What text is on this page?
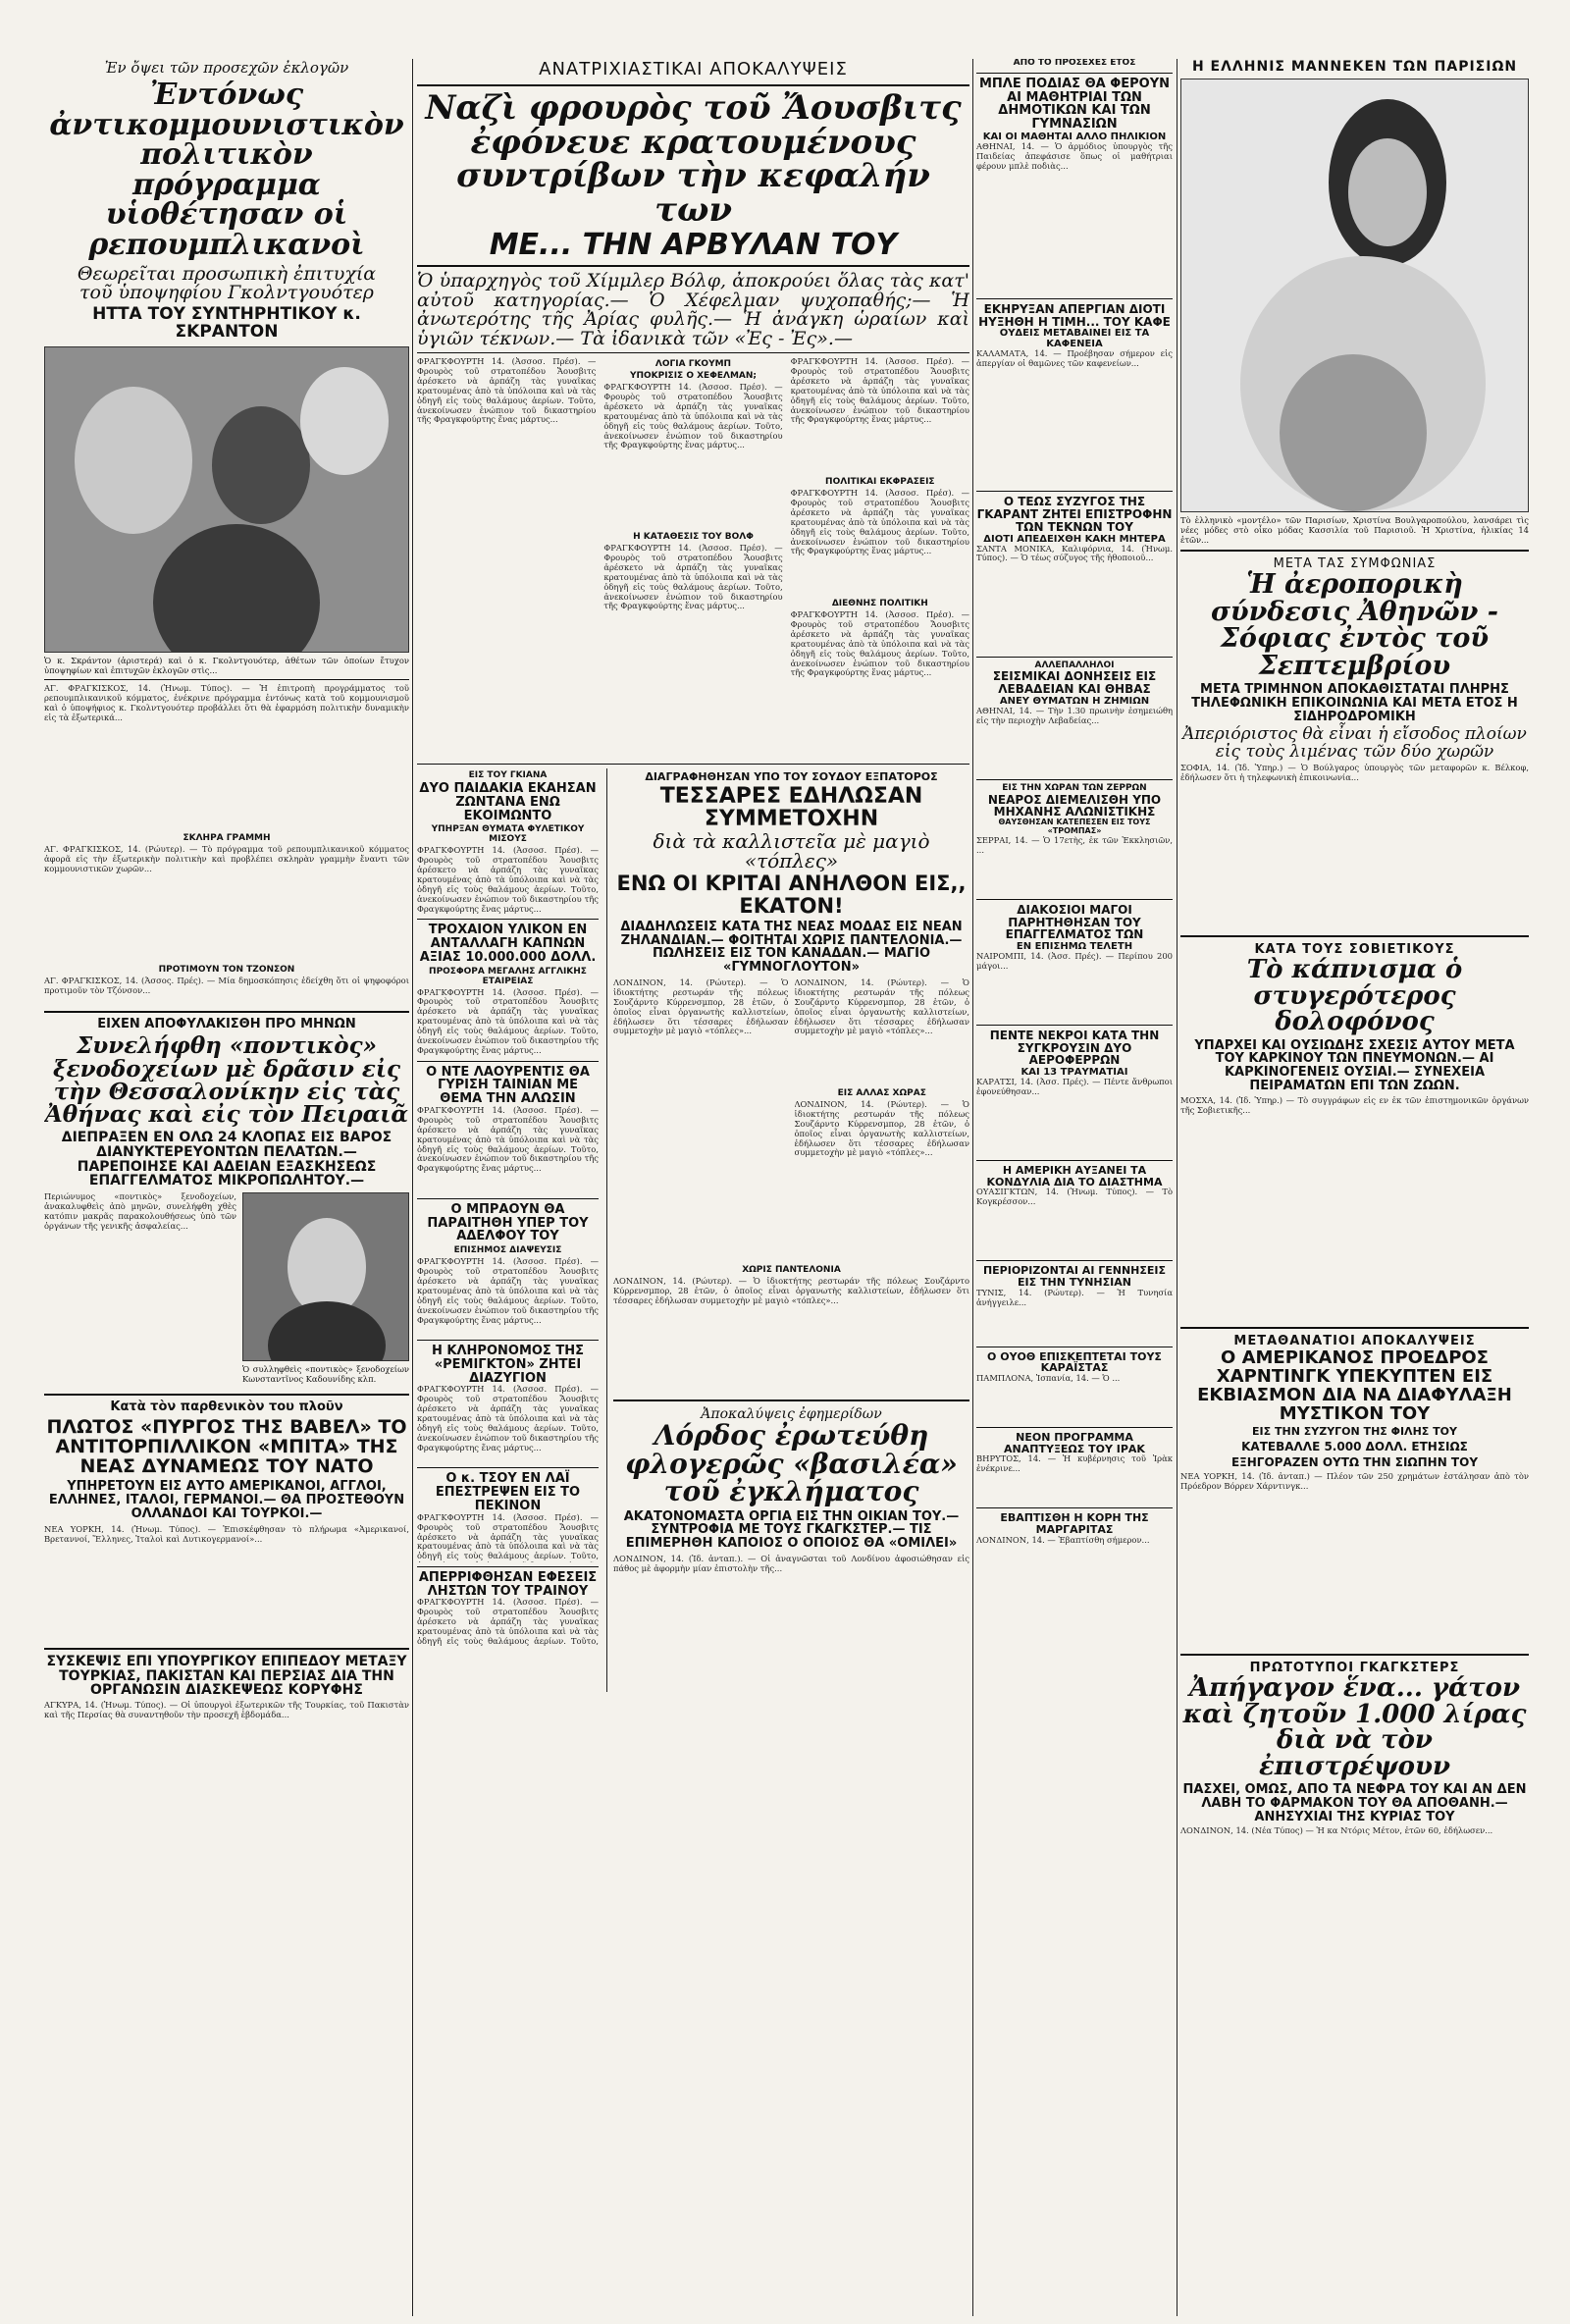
Ἐν ὄψει τῶν προσεχῶν ἐκλογῶν

Ἐντόνως ἀντικομμουνιστικὸν πολιτικὸν πρόγραμμα υἱοθέτησαν οἱ ρεπουμπλικανοὶ

Θεωρεῖται προσωπικὴ ἐπιτυχία

τοῦ ὑποψηφίου Γκολντγουότερ

ΗΤΤΑ ΤΟΥ ΣΥΝΤΗΡΗΤΙΚΟΥ κ. ΣΚΡΑΝΤΟΝ

Ὁ κ. Σκράντον (ἀριστερά) καὶ ὁ κ. Γκολντγουότερ, ἀθέτων τῶν ὁποίων ἔτυχον ὑποψηφίων καὶ ἐπιτυχῶν ἐκλογῶν στὶς...

ΑΓ. ΦΡΑΓΚΙΣΚΟΣ, 14. (Ἡνωμ. Τύπος). — Ἡ ἐπιτροπὴ προγράμματος τοῦ ρεπουμπλικανικοῦ κόμματος, ἐνέκρινε πρόγραμμα ἐντόνως κατὰ τοῦ κομμουνισμοῦ καὶ ὁ ὑποψήφιος κ. Γκολντγουότερ προβάλλει ὅτι θὰ ἐφαρμόση πολιτικὴν δυναμικὴν εἰς τὰ ἐξωτερικά...

ΣΚΛΗΡΑ ΓΡΑΜΜΗ

ΑΓ. ΦΡΑΓΚΙΣΚΟΣ, 14. (Ρώυτερ). — Τὸ πρόγραμμα τοῦ ρεπουμπλικανικοῦ κόμματος ἀφορᾶ εἰς τὴν ἐξωτερικὴν πολιτικὴν καὶ προβλέπει σκληρὰν γραμμὴν ἔναντι τῶν κομμουνιστικῶν χωρῶν...

ΠΡΟΤΙΜΟΥΝ ΤΟΝ ΤΖΟΝΣΟΝ

ΑΓ. ΦΡΑΓΚΙΣΚΟΣ, 14. (Ἀσσος. Πρές). — Μία δημοσκόπησις ἐδείχθη ὅτι οἱ ψηφοφόροι προτιμοῦν τὸν Τζόνσον...

ΕΙΧΕΝ ΑΠΟΦΥΛΑΚΙΣΘΗ ΠΡΟ ΜΗΝΩΝ

Συνελήφθη «ποντικὸς» ξενοδοχείων μὲ δρᾶσιν εἰς τὴν Θεσσαλονίκην εἰς τὰς Ἀθήνας καὶ εἰς τὸν Πειραιᾶ

ΔΙΕΠΡΑΞΕΝ ΕΝ ΟΛΩ 24 ΚΛΟΠΑΣ ΕΙΣ ΒΑΡΟΣ ΔΙΑΝΥΚΤΕΡΕΥΟΝΤΩΝ ΠΕΛΑΤΩΝ.— ΠΑΡΕΠΟΙΗΣΕ ΚΑΙ ΑΔΕΙΑΝ ΕΞΑΣΚΗΣΕΩΣ ΕΠΑΓΓΕΛΜΑΤΟΣ ΜΙΚΡΟΠΩΛΗΤΟΥ.—

Περιώνυμος «ποντικὸς» ξενοδοχείων, ἀνακαλυφθεὶς ἀπὸ μηνῶν, συνελήφθη χθὲς κατόπιν μακρᾶς παρακολουθήσεως ὑπὸ τῶν ὀργάνων τῆς γενικῆς ἀσφαλείας...

Ὁ συλληφθεὶς «ποντικὸς» ξενοδοχείων Κωνσταντῖνος Καδουνίδης κλπ.

Κατὰ τὸν παρθενικὸν του πλοῦν

ΠΛΩΤΟΣ «ΠΥΡΓΟΣ ΤΗΣ ΒΑΒΕΛ» ΤΟ ΑΝΤΙΤΟΡΠΙΛΛΙΚΟΝ «ΜΠΙΤΑ» ΤΗΣ ΝΕΑΣ ΔΥΝΑΜΕΩΣ ΤΟΥ ΝΑΤΟ

ΥΠΗΡΕΤΟΥΝ ΕΙΣ ΑΥΤΟ ΑΜΕΡΙΚΑΝΟΙ, ΑΓΓΛΟΙ, ΕΛΛΗΝΕΣ, ΙΤΑΛΟΙ, ΓΕΡΜΑΝΟΙ.— ΘΑ ΠΡΟΣΤΕΘΟΥΝ ΟΛΛΑΝΔΟΙ ΚΑΙ ΤΟΥΡΚΟΙ.—

ΝΕΑ ΥΟΡΚΗ, 14. (Ἡνωμ. Τύπος). — Ἐπισκέφθησαν τὸ πλήρωμα «Ἀμερικανοί, Βρεταννοί, Ἕλληνες, Ἰταλοὶ καὶ Δυτικογερμανοί»...

ΣΥΣΚΕΨΙΣ ΕΠΙ ΥΠΟΥΡΓΙΚΟΥ ΕΠΙΠΕΔΟΥ ΜΕΤΑΞΥ ΤΟΥΡΚΙΑΣ, ΠΑΚΙΣΤΑΝ ΚΑΙ ΠΕΡΣΙΑΣ ΔΙΑ ΤΗΝ ΟΡΓΑΝΩΣΙΝ ΔΙΑΣΚΕΨΕΩΣ ΚΟΡΥΦΗΣ

ΑΓΚΥΡΑ, 14. (Ἡνωμ. Τύπος). — Οἱ ὑπουργοὶ ἐξωτερικῶν τῆς Τουρκίας, τοῦ Πακιστὰν καὶ τῆς Περσίας θὰ συναντηθοῦν τὴν προσεχῆ ἑβδομάδα...

ΑΝΑΤΡΙΧΙΑΣΤΙΚΑΙ ΑΠΟΚΑΛΥΨΕΙΣ

Ναζὶ φρουρὸς τοῦ Ἄουσβιτς ἐφόνευε κρατουμένους συντρίβων τὴν κεφαλήν των

ΜΕ... ΤΗΝ ΑΡΒΥΛΑΝ ΤΟΥ

Ὁ ὑπαρχηγὸς τοῦ Χίμμλερ Βόλφ, ἀποκρούει ὅλας τὰς κατ' αὐτοῦ κατηγορίας.— Ὁ Χέφελμαν ψυχοπαθής;— Ἡ ἀνωτερότης τῆς Ἀρίας φυλῆς.— Ἡ ἀνάγκη ὡραίων καὶ ὑγιῶν τέκνων.— Τὰ ἰδανικὰ τῶν «Ἐς - Ἐς».—

ΦΡΑΓΚΦΟΥΡΤΗ 14. (Ἀσσοσ. Πρέσ). — Φρουρὸς τοῦ στρατοπέδου Ἄουσβιτς ἀρέσκετο νὰ ἀρπάζη τὰς γυναῖκας κρατουμένας ἀπὸ τὰ ὑπόλοιπα καὶ νὰ τὰς ὁδηγῆ εἰς τοὺς θαλάμους ἀερίων. Τοῦτο, ἀνεκοίνωσεν ἐνώπιον τοῦ δικαστηρίου τῆς Φραγκφούρτης ἕνας μάρτυς...

ΛΟΓΙΑ ΓΚΟΥΜΠ

ΥΠΟΚΡΙΣΙΣ Ο ΧΕΦΕΛΜΑΝ;

ΦΡΑΓΚΦΟΥΡΤΗ 14. (Ἀσσοσ. Πρέσ). — Φρουρὸς τοῦ στρατοπέδου Ἄουσβιτς ἀρέσκετο νὰ ἀρπάζη τὰς γυναῖκας κρατουμένας ἀπὸ τὰ ὑπόλοιπα καὶ νὰ τὰς ὁδηγῆ εἰς τοὺς θαλάμους ἀερίων. Τοῦτο, ἀνεκοίνωσεν ἐνώπιον τοῦ δικαστηρίου τῆς Φραγκφούρτης ἕνας μάρτυς...

Η ΚΑΤΑΘΕΣΙΣ ΤΟΥ ΒΟΛΦ

ΦΡΑΓΚΦΟΥΡΤΗ 14. (Ἀσσοσ. Πρέσ). — Φρουρὸς τοῦ στρατοπέδου Ἄουσβιτς ἀρέσκετο νὰ ἀρπάζη τὰς γυναῖκας κρατουμένας ἀπὸ τὰ ὑπόλοιπα καὶ νὰ τὰς ὁδηγῆ εἰς τοὺς θαλάμους ἀερίων. Τοῦτο, ἀνεκοίνωσεν ἐνώπιον τοῦ δικαστηρίου τῆς Φραγκφούρτης ἕνας μάρτυς...

ΦΡΑΓΚΦΟΥΡΤΗ 14. (Ἀσσοσ. Πρέσ). — Φρουρὸς τοῦ στρατοπέδου Ἄουσβιτς ἀρέσκετο νὰ ἀρπάζη τὰς γυναῖκας κρατουμένας ἀπὸ τὰ ὑπόλοιπα καὶ νὰ τὰς ὁδηγῆ εἰς τοὺς θαλάμους ἀερίων. Τοῦτο, ἀνεκοίνωσεν ἐνώπιον τοῦ δικαστηρίου τῆς Φραγκφούρτης ἕνας μάρτυς...

ΠΟΛΙΤΙΚΑΙ ΕΚΦΡΑΣΕΙΣ

ΦΡΑΓΚΦΟΥΡΤΗ 14. (Ἀσσοσ. Πρέσ). — Φρουρὸς τοῦ στρατοπέδου Ἄουσβιτς ἀρέσκετο νὰ ἀρπάζη τὰς γυναῖκας κρατουμένας ἀπὸ τὰ ὑπόλοιπα καὶ νὰ τὰς ὁδηγῆ εἰς τοὺς θαλάμους ἀερίων. Τοῦτο, ἀνεκοίνωσεν ἐνώπιον τοῦ δικαστηρίου τῆς Φραγκφούρτης ἕνας μάρτυς...

ΔΙΕΘΝΗΣ ΠΟΛΙΤΙΚΗ

ΦΡΑΓΚΦΟΥΡΤΗ 14. (Ἀσσοσ. Πρέσ). — Φρουρὸς τοῦ στρατοπέδου Ἄουσβιτς ἀρέσκετο νὰ ἀρπάζη τὰς γυναῖκας κρατουμένας ἀπὸ τὰ ὑπόλοιπα καὶ νὰ τὰς ὁδηγῆ εἰς τοὺς θαλάμους ἀερίων. Τοῦτο, ἀνεκοίνωσεν ἐνώπιον τοῦ δικαστηρίου τῆς Φραγκφούρτης ἕνας μάρτυς...

ΕΙΣ ΤΟΥ ΓΚΙΑΝΑ

ΔΥΟ ΠΑΙΔΑΚΙΑ ΕΚΑΗΣΑΝ ΖΩΝΤΑΝΑ ΕΝΩ ΕΚΟΙΜΩΝΤΟ

ΥΠΗΡΞΑΝ ΘΥΜΑΤΑ ΦΥΛΕΤΙΚΟΥ ΜΙΣΟΥΣ

ΦΡΑΓΚΦΟΥΡΤΗ 14. (Ἀσσοσ. Πρέσ). — Φρουρὸς τοῦ στρατοπέδου Ἄουσβιτς ἀρέσκετο νὰ ἀρπάζη τὰς γυναῖκας κρατουμένας ἀπὸ τὰ ὑπόλοιπα καὶ νὰ τὰς ὁδηγῆ εἰς τοὺς θαλάμους ἀερίων. Τοῦτο, ἀνεκοίνωσεν ἐνώπιον τοῦ δικαστηρίου τῆς Φραγκφούρτης ἕνας μάρτυς...

ΤΡΟΧΑΙΟΝ ΥΛΙΚΟΝ ΕΝ ΑΝΤΑΛΛΑΓΗ ΚΑΠΝΩΝ ΑΞΙΑΣ 10.000.000 ΔΟΛΛ.

ΠΡΟΣΦΟΡΑ ΜΕΓΑΛΗΣ ΑΓΓΛΙΚΗΣ ΕΤΑΙΡΕΙΑΣ

ΦΡΑΓΚΦΟΥΡΤΗ 14. (Ἀσσοσ. Πρέσ). — Φρουρὸς τοῦ στρατοπέδου Ἄουσβιτς ἀρέσκετο νὰ ἀρπάζη τὰς γυναῖκας κρατουμένας ἀπὸ τὰ ὑπόλοιπα καὶ νὰ τὰς ὁδηγῆ εἰς τοὺς θαλάμους ἀερίων. Τοῦτο, ἀνεκοίνωσεν ἐνώπιον τοῦ δικαστηρίου τῆς Φραγκφούρτης ἕνας μάρτυς...

Ο ΝΤΕ ΛΑΟΥΡΕΝΤΙΣ ΘΑ ΓΥΡΙΣΗ ΤΑΙΝΙΑΝ ΜΕ ΘΕΜΑ ΤΗΝ ΑΛΩΣΙΝ

ΦΡΑΓΚΦΟΥΡΤΗ 14. (Ἀσσοσ. Πρέσ). — Φρουρὸς τοῦ στρατοπέδου Ἄουσβιτς ἀρέσκετο νὰ ἀρπάζη τὰς γυναῖκας κρατουμένας ἀπὸ τὰ ὑπόλοιπα καὶ νὰ τὰς ὁδηγῆ εἰς τοὺς θαλάμους ἀερίων. Τοῦτο, ἀνεκοίνωσεν ἐνώπιον τοῦ δικαστηρίου τῆς Φραγκφούρτης ἕνας μάρτυς...

Ο ΜΠΡΑΟΥΝ ΘΑ ΠΑΡΑΙΤΗΘΗ ΥΠΕΡ ΤΟΥ ΑΔΕΛΦΟΥ ΤΟΥ

ΕΠΙΣΗΜΟΣ ΔΙΑΨΕΥΣΙΣ

ΦΡΑΓΚΦΟΥΡΤΗ 14. (Ἀσσοσ. Πρέσ). — Φρουρὸς τοῦ στρατοπέδου Ἄουσβιτς ἀρέσκετο νὰ ἀρπάζη τὰς γυναῖκας κρατουμένας ἀπὸ τὰ ὑπόλοιπα καὶ νὰ τὰς ὁδηγῆ εἰς τοὺς θαλάμους ἀερίων. Τοῦτο, ἀνεκοίνωσεν ἐνώπιον τοῦ δικαστηρίου τῆς Φραγκφούρτης ἕνας μάρτυς...

Η ΚΛΗΡΟΝΟΜΟΣ ΤΗΣ «ΡΕΜΙΓΚΤΟΝ» ΖΗΤΕΙ ΔΙΑΖΥΓΙΟΝ

ΦΡΑΓΚΦΟΥΡΤΗ 14. (Ἀσσοσ. Πρέσ). — Φρουρὸς τοῦ στρατοπέδου Ἄουσβιτς ἀρέσκετο νὰ ἀρπάζη τὰς γυναῖκας κρατουμένας ἀπὸ τὰ ὑπόλοιπα καὶ νὰ τὰς ὁδηγῆ εἰς τοὺς θαλάμους ἀερίων. Τοῦτο, ἀνεκοίνωσεν ἐνώπιον τοῦ δικαστηρίου τῆς Φραγκφούρτης ἕνας μάρτυς...

Ο κ. ΤΣΟΥ ΕΝ ΛΑΪ ΕΠΕΣΤΡΕΨΕΝ ΕΙΣ ΤΟ ΠΕΚΙΝΟΝ

ΦΡΑΓΚΦΟΥΡΤΗ 14. (Ἀσσοσ. Πρέσ). — Φρουρὸς τοῦ στρατοπέδου Ἄουσβιτς ἀρέσκετο νὰ ἀρπάζη τὰς γυναῖκας κρατουμένας ἀπὸ τὰ ὑπόλοιπα καὶ νὰ τὰς ὁδηγῆ εἰς τοὺς θαλάμους ἀερίων. Τοῦτο,

ΑΠΕΡΡΙΦΘΗΣΑΝ ΕΦΕΣΕΙΣ ΛΗΣΤΩΝ ΤΟΥ ΤΡΑΙΝΟΥ

ΦΡΑΓΚΦΟΥΡΤΗ 14. (Ἀσσοσ. Πρέσ). — Φρουρὸς τοῦ στρατοπέδου Ἄουσβιτς ἀρέσκετο νὰ ἀρπάζη τὰς γυναῖκας κρατουμένας ἀπὸ τὰ ὑπόλοιπα καὶ νὰ τὰς ὁδηγῆ εἰς τοὺς θαλάμους ἀερίων. Τοῦτο,

ΔΙΑΓΡΑΦΗΘΗΣΑΝ ΥΠΟ ΤΟΥ ΣΟΥΔΟΥ ΕΞΠΑΤΟΡΟΣ

ΤΕΣΣΑΡΕΣ ΕΔΗΛΩΣΑΝ ΣΥΜΜΕΤΟΧΗΝ

διὰ τὰ καλλιστεῖα μὲ μαγιὸ «τόπλες»

ΕΝΩ ΟΙ ΚΡΙΤΑΙ ΑΝΗΛΘΟΝ ΕΙΣ,, ΕΚΑΤΟΝ!

ΔΙΑΔΗΛΩΣΕΙΣ ΚΑΤΑ ΤΗΣ ΝΕΑΣ ΜΟΔΑΣ ΕΙΣ ΝΕΑΝ ΖΗΛΑΝΔΙΑΝ.— ΦΟΙΤΗΤΑΙ ΧΩΡΙΣ ΠΑΝΤΕΛΟΝΙΑ.— ΠΩΛΗΣΕΙΣ ΕΙΣ ΤΟΝ ΚΑΝΑΔΑΝ.— ΜΑΓΙΟ «ΓΥΜΝΟΓΛΟΥΤΟΝ»

ΛΟΝΔΙΝΟΝ, 14. (Ρώυτερ). — Ὁ ἰδιοκτήτης ρεστωράν τῆς πόλεως Σουζάρντο Κύρρενσμπορ, 28 ἐτῶν, ὁ ὁποῖος εἶναι ὀργανωτὴς καλλιστείων, ἐδήλωσεν ὅτι τέσσαρες ἐδήλωσαν συμμετοχὴν μὲ μαγιὸ «τόπλες»...

ΛΟΝΔΙΝΟΝ, 14. (Ρώυτερ). — Ὁ ἰδιοκτήτης ρεστωράν τῆς πόλεως Σουζάρντο Κύρρενσμπορ, 28 ἐτῶν, ὁ ὁποῖος εἶναι ὀργανωτὴς καλλιστείων, ἐδήλωσεν ὅτι τέσσαρες ἐδήλωσαν συμμετοχὴν μὲ μαγιὸ «τόπλες»...

ΕΙΣ ΑΛΛΑΣ ΧΩΡΑΣ

ΛΟΝΔΙΝΟΝ, 14. (Ρώυτερ). — Ὁ ἰδιοκτήτης ρεστωράν τῆς πόλεως Σουζάρντο Κύρρενσμπορ, 28 ἐτῶν, ὁ ὁποῖος εἶναι ὀργανωτὴς καλλιστείων, ἐδήλωσεν ὅτι τέσσαρες ἐδήλωσαν συμμετοχὴν μὲ μαγιὸ «τόπλες»...

ΧΩΡΙΣ ΠΑΝΤΕΛΟΝΙΑ

ΛΟΝΔΙΝΟΝ, 14. (Ρώυτερ). — Ὁ ἰδιοκτήτης ρεστωράν τῆς πόλεως Σουζάρντο Κύρρενσμπορ, 28 ἐτῶν, ὁ ὁποῖος εἶναι ὀργανωτὴς καλλιστείων, ἐδήλωσεν ὅτι τέσσαρες ἐδήλωσαν συμμετοχὴν μὲ μαγιὸ «τόπλες»...

Ἀποκαλύψεις ἐφημερίδων

Λόρδος ἐρωτεύθη φλογερῶς «βασιλέα» τοῦ ἐγκλήματος

ΑΚΑΤΟΝΟΜΑΣΤΑ ΟΡΓΙΑ ΕΙΣ ΤΗΝ ΟΙΚΙΑΝ ΤΟΥ.— ΣΥΝΤΡΟΦΙΑ ΜΕ ΤΟΥΣ ΓΚΑΓΚΣΤΕΡ.— ΤΙΣ ΕΠΙΜΕΡΗΘΗ ΚΑΠΟΙΟΣ Ο ΟΠΟΙΟΣ ΘΑ «ΟΜΙΛΕΙ»

ΛΟΝΔΙΝΟΝ, 14. (Ἰδ. ἀνταπ.). — Οἱ ἀναγνῶσται τοῦ Λονδίνου ἀφοσιώθησαν εἰς πάθος μὲ ἀφορμὴν μίαν ἐπιστολὴν τῆς...

ΑΠΟ ΤΟ ΠΡΟΣΕΧΕΣ ΕΤΟΣ

ΜΠΛΕ ΠΟΔΙΑΣ ΘΑ ΦΕΡΟΥΝ ΑΙ ΜΑΘΗΤΡΙΑΙ ΤΩΝ ΔΗΜΟΤΙΚΩΝ ΚΑΙ ΤΩΝ ΓΥΜΝΑΣΙΩΝ

ΚΑΙ ΟΙ ΜΑΘΗΤΑΙ ΑΛΛΟ ΠΗΛΙΚΙΟΝ

ΑΘΗΝΑΙ, 14. — Ὁ ἀρμόδιος ὑπουργὸς τῆς Παιδείας ἀπεφάσισε ὅπως οἱ μαθήτριαι φέρουν μπλὲ ποδιὰς...

ΕΚΗΡΥΞΑΝ ΑΠΕΡΓΙΑΝ ΔΙΟΤΙ ΗΥΞΗΘΗ Η ΤΙΜΗ... ΤΟΥ ΚΑΦΕ

ΟΥΔΕΙΣ ΜΕΤΑΒΑΙΝΕΙ ΕΙΣ ΤΑ ΚΑΦΕΝΕΙΑ

ΚΑΛΑΜΑΤΑ, 14. — Προέβησαν σήμερον εἰς ἀπεργίαν οἱ θαμῶνες τῶν καφενείων...

Ο ΤΕΩΣ ΣΥΖΥΓΟΣ ΤΗΣ ΓΚΑΡΑΝΤ ΖΗΤΕΙ ΕΠΙΣΤΡΟΦΗΝ ΤΩΝ ΤΕΚΝΩΝ ΤΟΥ

ΔΙΟΤΙ ΑΠΕΔΕΙΧΘΗ ΚΑΚΗ ΜΗΤΕΡΑ

ΣΑΝΤΑ ΜΟΝΙΚΑ, Καλιφόρνια, 14. (Ἡνωμ. Τύπος). — Ὁ τέως σύζυγος τῆς ἠθοποιοῦ...

ΑΛΛΕΠΑΛΛΗΛΟΙ

ΣΕΙΣΜΙΚΑΙ ΔΟΝΗΣΕΙΣ ΕΙΣ ΛΕΒΑΔΕΙΑΝ ΚΑΙ ΘΗΒΑΣ

ΑΝΕΥ ΘΥΜΑΤΩΝ Η ΖΗΜΙΩΝ

ΑΘΗΝΑΙ, 14. — Τὴν 1.30 πρωινὴν ἐσημειώθη εἰς τὴν περιοχὴν Λεβαδείας...

ΕΙΣ ΤΗΝ ΧΩΡΑΝ ΤΩΝ ΖΕΡΡΩΝ

ΝΕΑΡΟΣ ΔΙΕΜΕΛΙΣΘΗ ΥΠΟ ΜΗΧΑΝΗΣ ΑΛΩΝΙΣΤΙΚΗΣ

ΘΑΥΣΘΗΣΑΝ ΚΑΤΕΠΕΣΕΝ ΕΙΣ ΤΟΥΣ «ΤΡΟΜΠΑΣ»

ΣΕΡΡΑΙ, 14. — Ὁ 17ετὴς, ἐκ τῶν Ἐκκλησιῶν, ...

ΔΙΑΚΟΣΙΟΙ ΜΑΓΟΙ ΠΑΡΗΤΗΘΗΣΑΝ ΤΟΥ ΕΠΑΓΓΕΛΜΑΤΟΣ ΤΩΝ

ΕΝ ΕΠΙΣΗΜΩ ΤΕΛΕΤΗ

ΝΑΪΡΟΜΠΙ, 14. (Ἀσσ. Πρές). — Περίπου 200 μάγοι...

ΠΕΝΤΕ ΝΕΚΡΟΙ ΚΑΤΑ ΤΗΝ ΣΥΓΚΡΟΥΣΙΝ ΔΥΟ ΑΕΡΟΦΕΡΡΩΝ

ΚΑΙ 13 ΤΡΑΥΜΑΤΙΑΙ

ΚΑΡΑΤΣΙ, 14. (Ἀσσ. Πρές). — Πέντε ἄνθρωποι ἐφονεύθησαν...

Η ΑΜΕΡΙΚΗ ΑΥΞΑΝΕΙ ΤΑ ΚΟΝΔΥΛΙΑ ΔΙΑ ΤΟ ΔΙΑΣΤΗΜΑ

ΟΥΑΣΙΓΚΤΩΝ, 14. (Ἡνωμ. Τύπος). — Τὸ Κογκρέσσον...

ΠΕΡΙΟΡΙΖΟΝΤΑΙ ΑΙ ΓΕΝΝΗΣΕΙΣ ΕΙΣ ΤΗΝ ΤΥΝΗΣΙΑΝ

ΤΥΝΙΣ, 14. (Ρώυτερ). — Ἡ Τυνησία ἀνήγγειλε...

Ο ΟΥΟΘ ΕΠΙΣΚΕΠΤΕΤΑΙ ΤΟΥΣ ΚΑΡΑΪΣΤΑΣ

ΠΑΜΠΛΟΝΑ, Ἰσπανία, 14. — Ὁ ...

ΝΕΟΝ ΠΡΟΓΡΑΜΜΑ ΑΝΑΠΤΥΞΕΩΣ ΤΟΥ ΙΡΑΚ

ΒΗΡΥΤΟΣ, 14. — Ἡ κυβέρνησις τοῦ Ἰρὰκ ἐνέκρινε...

ΕΒΑΠΤΙΣΘΗ Η ΚΟΡΗ ΤΗΣ ΜΑΡΓΑΡΙΤΑΣ

ΛΟΝΔΙΝΟΝ, 14. — Ἐβαπτίσθη σήμερον...

Η ΕΛΛΗΝΙΣ ΜΑΝΝΕΚΕΝ ΤΩΝ ΠΑΡΙΣΙΩΝ

Τὸ ἑλληνικὸ «μοντέλο» τῶν Παρισίων, Χριστίνα Βουλγαροπούλου, λανσάρει τὶς νέες μόδες στὸ οἶκο μόδας Κασσιλία τοῦ Παρισιοῦ. Ἡ Χριστίνα, ἡλικίας 14 ἐτῶν...

ΜΕΤΑ ΤΑΣ ΣΥΜΦΩΝΙΑΣ

Ἡ ἀεροπορικὴ σύνδεσις Ἀθηνῶν - Σόφιας ἐντὸς τοῦ Σεπτεμβρίου

ΜΕΤΑ ΤΡΙΜΗΝΟΝ ΑΠΟΚΑΘΙΣΤΑΤΑΙ ΠΛΗΡΗΣ ΤΗΛΕΦΩΝΙΚΗ ΕΠΙΚΟΙΝΩΝΙΑ ΚΑΙ ΜΕΤΑ ΕΤΟΣ Η ΣΙΔΗΡΟΔΡΟΜΙΚΗ

Ἀπεριόριστος θὰ εἶναι ἡ εἴσοδος πλοίων εἰς τοὺς λιμένας τῶν δύο χωρῶν

ΣΟΦΙΑ, 14. (Ἰδ. Ὑπηρ.) — Ὁ Βούλγαρος ὑπουργὸς τῶν μεταφορῶν κ. Βέλκοφ, ἐδήλωσεν ὅτι ἡ τηλεφωνικὴ ἐπικοινωνία...

ΚΑΤΑ ΤΟΥΣ ΣΟΒΙΕΤΙΚΟΥΣ

Τὸ κάπνισμα ὁ στυγερότερος δολοφόνος

ΥΠΑΡΧΕΙ ΚΑΙ ΟΥΣΙΩΔΗΣ ΣΧΕΣΙΣ ΑΥΤΟΥ ΜΕΤΑ ΤΟΥ ΚΑΡΚΙΝΟΥ ΤΩΝ ΠΝΕΥΜΟΝΩΝ.— ΑΙ ΚΑΡΚΙΝΟΓΕΝΕΙΣ ΟΥΣΙΑΙ.— ΣΥΝΕΧΕΙΑ ΠΕΙΡΑΜΑΤΩΝ ΕΠΙ ΤΩΝ ΖΩΩΝ.

ΜΟΣΧΑ, 14. (Ἰδ. Ὑπηρ.) — Τὸ συγγράφων εἰς εν ἐκ τῶν ἐπιστημονικῶν ὀργάνων τῆς Σοβιετικῆς...

ΜΕΤΑΘΑΝΑΤΙΟΙ ΑΠΟΚΑΛΥΨΕΙΣ

Ο ΑΜΕΡΙΚΑΝΟΣ ΠΡΟΕΔΡΟΣ ΧΑΡΝΤΙΝΓΚ ΥΠΕΚΥΠΤΕΝ ΕΙΣ ΕΚΒΙΑΣΜΟΝ ΔΙΑ ΝΑ ΔΙΑΦΥΛΑΞΗ ΜΥΣΤΙΚΟΝ ΤΟΥ

ΕΙΣ ΤΗΝ ΣΥΖΥΓΟΝ ΤΗΣ ΦΙΛΗΣ ΤΟΥ

ΚΑΤΕΒΑΛΛΕ 5.000 ΔΟΛΛ. ΕΤΗΣΙΩΣ

ΕΞΗΓΟΡΑΖΕΝ ΟΥΤΩ ΤΗΝ ΣΙΩΠΗΝ ΤΟΥ

ΝΕΑ ΥΟΡΚΗ, 14. (Ἰδ. ἀνταπ.) — Πλέον τῶν 250 χρημάτων ἐστάλησαν ἀπὸ τὸν Πρόεδρον Βόρρεν Χάρντινγκ...

ΠΡΩΤΟΤΥΠΟΙ ΓΚΑΓΚΣΤΕΡΣ

Ἀπήγαγον ἕνα... γάτον καὶ ζητοῦν 1.000 λίρας διὰ νὰ τὸν ἐπιστρέψουν

ΠΑΣΧΕΙ, ΟΜΩΣ, ΑΠΟ ΤΑ ΝΕΦΡΑ ΤΟΥ ΚΑΙ ΑΝ ΔΕΝ ΛΑΒΗ ΤΟ ΦΑΡΜΑΚΟΝ ΤΟΥ ΘΑ ΑΠΟΘΑΝΗ.— ΑΝΗΣΥΧΙΑΙ ΤΗΣ ΚΥΡΙΑΣ ΤΟΥ

ΛΟΝΔΙΝΟΝ, 14. (Νέα Τύπος) — Ἡ κα Ντόρις Μέτον, ἐτῶν 60, ἐδήλωσεν...
